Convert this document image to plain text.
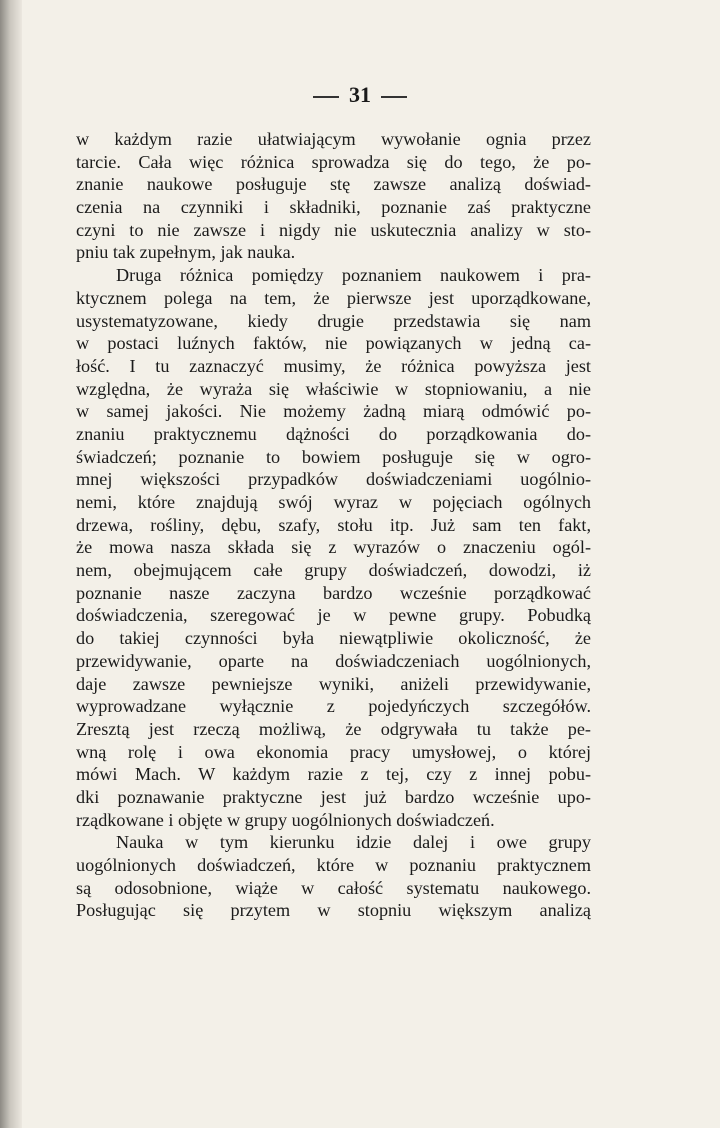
31
w każdym razie ułatwiającym wywołanie ognia przez
tarcie. Cała więc różnica sprowadza się do tego, że po-
znanie naukowe posługuje stę zawsze analizą doświad-
czenia na czynniki i składniki, poznanie zaś praktyczne
czyni to nie zawsze i nigdy nie uskutecznia analizy w sto-
pniu tak zupełnym, jak nauka.
Druga różnica pomiędzy poznaniem naukowem i pra-
ktycznem polega na tem, że pierwsze jest uporządkowane,
usystematyzowane, kiedy drugie przedstawia się nam
w postaci luźnych faktów, nie powiązanych w jedną ca-
łość. I tu zaznaczyć musimy, że różnica powyższa jest
względna, że wyraża się właściwie w stopniowaniu, a nie
w samej jakości. Nie możemy żadną miarą odmówić po-
znaniu praktycznemu dążności do porządkowania do-
świadczeń; poznanie to bowiem posługuje się w ogro-
mnej większości przypadków doświadczeniami uogólnio-
nemi, które znajdują swój wyraz w pojęciach ogólnych
drzewa, rośliny, dębu, szafy, stołu itp. Już sam ten fakt,
że mowa nasza składa się z wyrazów o znaczeniu ogól-
nem, obejmującem całe grupy doświadczeń, dowodzi, iż
poznanie nasze zaczyna bardzo wcześnie porządkować
doświadczenia, szeregować je w pewne grupy. Pobudką
do takiej czynności była niewątpliwie okoliczność, że
przewidywanie, oparte na doświadczeniach uogólnionych,
daje zawsze pewniejsze wyniki, aniżeli przewidywanie,
wyprowadzane wyłącznie z pojedyńczych szczegółów.
Zresztą jest rzeczą możliwą, że odgrywała tu także pe-
wną rolę i owa ekonomia pracy umysłowej, o której
mówi Mach. W każdym razie z tej, czy z innej pobu-
dki poznawanie praktyczne jest już bardzo wcześnie upo-
rządkowane i objęte w grupy uogólnionych doświadczeń.
Nauka w tym kierunku idzie dalej i owe grupy
uogólnionych doświadczeń, które w poznaniu praktycznem
są odosobnione, wiąże w całość systematu naukowego.
Posługując się przytem w stopniu większym analizą
